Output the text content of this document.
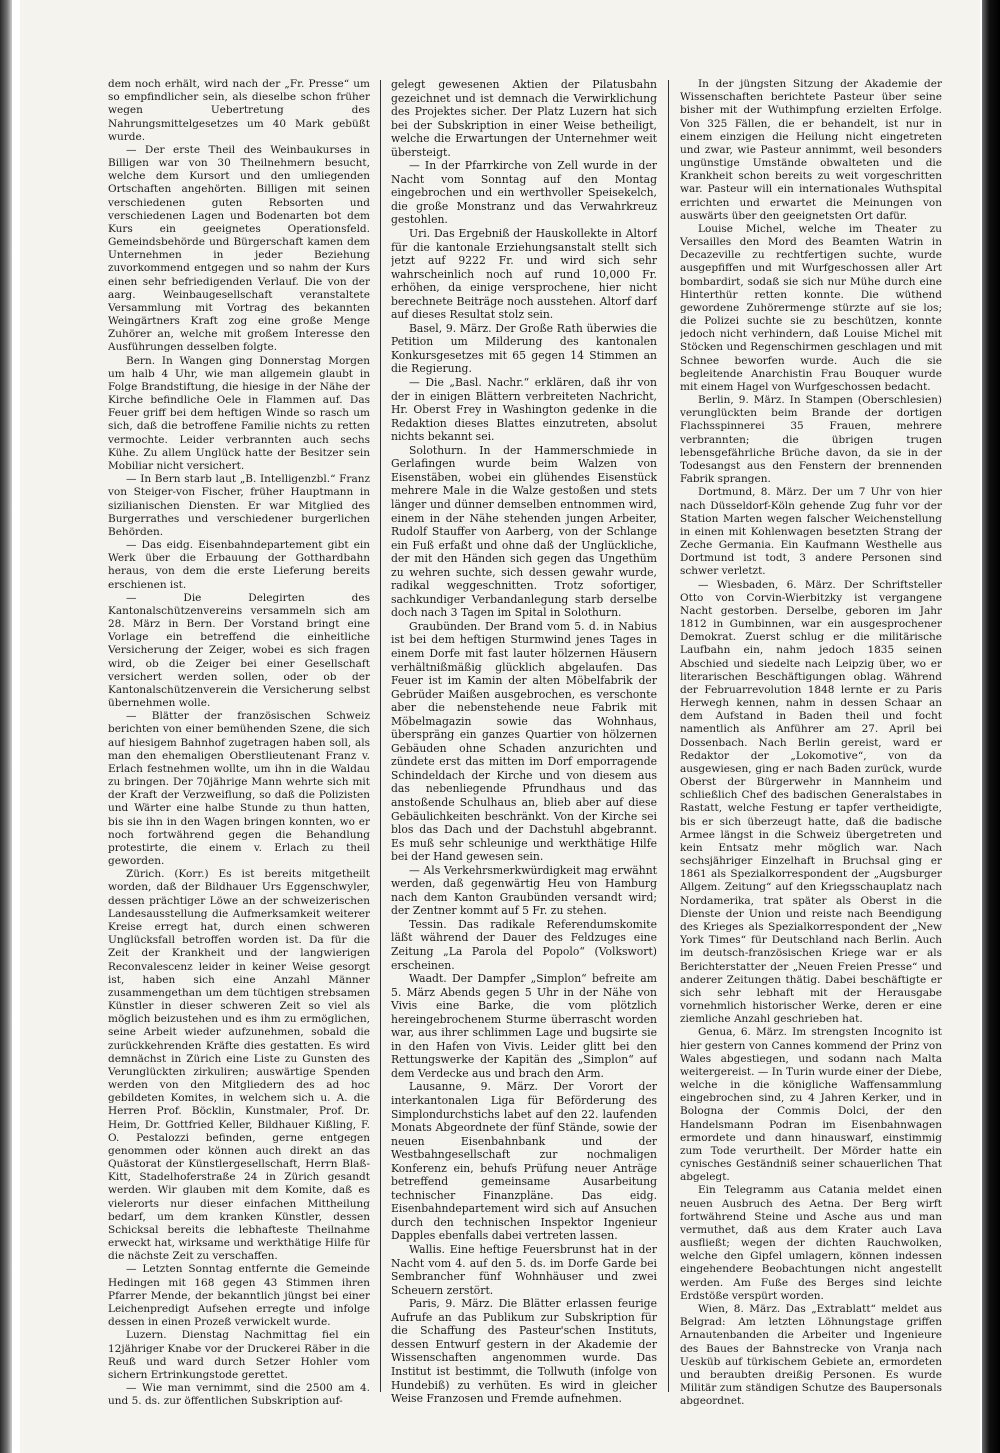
dem noch erhält, wird nach der „Fr. Presse“ um so empfindlicher sein, als dieselbe schon früher wegen Uebertretung des Nahrungsmittelgesetzes um 40 Mark gebüßt wurde.

— Der erste Theil des Weinbaukurses in Billigen war von 30 Theilnehmern besucht, welche dem Kursort und den umliegenden Ortschaften angehörten. Billigen mit seinen verschiedenen guten Rebsorten und verschiedenen Lagen und Bodenarten bot dem Kurs ein geeignetes Operationsfeld. Gemeindsbehörde und Bürgerschaft kamen dem Unternehmen in jeder Beziehung zuvorkommend entgegen und so nahm der Kurs einen sehr befriedigenden Verlauf. Die von der aarg. Weinbaugesellschaft veranstaltete Versammlung mit Vortrag des bekannten Weingärtners Kraft zog eine große Menge Zuhörer an, welche mit großem Interesse den Ausführungen desselben folgte.

Bern. In Wangen ging Donnerstag Morgen um halb 4 Uhr, wie man allgemein glaubt in Folge Brandstiftung, die hiesige in der Nähe der Kirche befindliche Oele in Flammen auf. Das Feuer griff bei dem heftigen Winde so rasch um sich, daß die betroffene Familie nichts zu retten vermochte. Leider verbrannten auch sechs Kühe. Zu allem Unglück hatte der Besitzer sein Mobiliar nicht versichert.

— In Bern starb laut „B. Intelligenzbl.“ Franz von Steiger-von Fischer, früher Hauptmann in sizilianischen Diensten. Er war Mitglied des Burgerrathes und verschiedener burgerlichen Behörden.

— Das eidg. Eisenbahndepartement gibt ein Werk über die Erbauung der Gotthardbahn heraus, von dem die erste Lieferung bereits erschienen ist.

— Die Delegirten des Kantonalschützenvereins versammeln sich am 28. März in Bern. Der Vorstand bringt eine Vorlage ein betreffend die einheitliche Versicherung der Zeiger, wobei es sich fragen wird, ob die Zeiger bei einer Gesellschaft versichert werden sollen, oder ob der Kantonalschützenverein die Versicherung selbst übernehmen wolle.

— Blätter der französischen Schweiz berichten von einer bemühenden Szene, die sich auf hiesigem Bahnhof zugetragen haben soll, als man den ehemaligen Oberstlieutenant Franz v. Erlach festnehmen wollte, um ihn in die Waldau zu bringen. Der 70jährige Mann wehrte sich mit der Kraft der Verzweiflung, so daß die Polizisten und Wärter eine halbe Stunde zu thun hatten, bis sie ihn in den Wagen bringen konnten, wo er noch fortwährend gegen die Behandlung protestirte, die einem v. Erlach zu theil geworden.

Zürich. (Korr.) Es ist bereits mitgetheilt worden, daß der Bildhauer Urs Eggenschwyler, dessen prächtiger Löwe an der schweizerischen Landesausstellung die Aufmerksamkeit weiterer Kreise erregt hat, durch einen schweren Unglücksfall betroffen worden ist. Da für die Zeit der Krankheit und der langwierigen Reconvalescenz leider in keiner Weise gesorgt ist, haben sich eine Anzahl Männer zusammengethan um dem tüchtigen strebsamen Künstler in dieser schweren Zeit so viel als möglich beizustehen und es ihm zu ermöglichen, seine Arbeit wieder aufzunehmen, sobald die zurückkehrenden Kräfte dies gestatten. Es wird demnächst in Zürich eine Liste zu Gunsten des Verunglückten zirkuliren; auswärtige Spenden werden von den Mitgliedern des ad hoc gebildeten Komites, in welchem sich u. A. die Herren Prof. Böcklin, Kunstmaler, Prof. Dr. Heim, Dr. Gottfried Keller, Bildhauer Kißling, F. O. Pestalozzi befinden, gerne entgegen genommen oder können auch direkt an das Quästorat der Künstlergesellschaft, Herrn Blaß-Kitt, Stadelhoferstraße 24 in Zürich gesandt werden. Wir glauben mit dem Komite, daß es vielerorts nur dieser einfachen Mittheilung bedarf, um dem kranken Künstler, dessen Schicksal bereits die lebhafteste Theilnahme erweckt hat, wirksame und werkthätige Hilfe für die nächste Zeit zu verschaffen.

— Letzten Sonntag entfernte die Gemeinde Hedingen mit 168 gegen 43 Stimmen ihren Pfarrer Mende, der bekanntlich jüngst bei einer Leichenpredigt Aufsehen erregte und infolge dessen in einen Prozeß verwickelt wurde.

Luzern. Dienstag Nachmittag fiel ein 12jähriger Knabe vor der Druckerei Räber in die Reuß und ward durch Setzer Hohler vom sichern Ertrinkungstode gerettet.

— Wie man vernimmt, sind die 2500 am 4. und 5. ds. zur öffentlichen Subskription auf-

gelegt gewesenen Aktien der Pilatusbahn gezeichnet und ist demnach die Verwirklichung des Projektes sicher. Der Platz Luzern hat sich bei der Subskription in einer Weise betheiligt, welche die Erwartungen der Unternehmer weit übersteigt.

— In der Pfarrkirche von Zell wurde in der Nacht vom Sonntag auf den Montag eingebrochen und ein werthvoller Speisekelch, die große Monstranz und das Verwahrkreuz gestohlen.

Uri. Das Ergebniß der Hauskollekte in Altorf für die kantonale Erziehungsanstalt stellt sich jetzt auf 9222 Fr. und wird sich sehr wahrscheinlich noch auf rund 10,000 Fr. erhöhen, da einige versprochene, hier nicht berechnete Beiträge noch ausstehen. Altorf darf auf dieses Resultat stolz sein.

Basel, 9. März. Der Große Rath überwies die Petition um Milderung des kantonalen Konkursgesetzes mit 65 gegen 14 Stimmen an die Regierung.

— Die „Basl. Nachr.“ erklären, daß ihr von der in einigen Blättern verbreiteten Nachricht, Hr. Oberst Frey in Washington gedenke in die Redaktion dieses Blattes einzutreten, absolut nichts bekannt sei.

Solothurn. In der Hammerschmiede in Gerlafingen wurde beim Walzen von Eisenstäben, wobei ein glühendes Eisenstück mehrere Male in die Walze gestoßen und stets länger und dünner demselben entnommen wird, einem in der Nähe stehenden jungen Arbeiter, Rudolf Stauffer von Aarberg, von der Schlange ein Fuß erfaßt und ohne daß der Unglückliche, der mit den Händen sich gegen das Ungethüm zu wehren suchte, sich dessen gewahr wurde, radikal weggeschnitten. Trotz sofortiger, sachkundiger Verbandanlegung starb derselbe doch nach 3 Tagen im Spital in Solothurn.

Graubünden. Der Brand vom 5. d. in Nabius ist bei dem heftigen Sturmwind jenes Tages in einem Dorfe mit fast lauter hölzernen Häusern verhältnißmäßig glücklich abgelaufen. Das Feuer ist im Kamin der alten Möbelfabrik der Gebrüder Maißen ausgebrochen, es verschonte aber die nebenstehende neue Fabrik mit Möbelmagazin sowie das Wohnhaus, überspräng ein ganzes Quartier von hölzernen Gebäuden ohne Schaden anzurichten und zündete erst das mitten im Dorf emporragende Schindeldach der Kirche und von diesem aus das nebenliegende Pfrundhaus und das anstoßende Schulhaus an, blieb aber auf diese Gebäulichkeiten beschränkt. Von der Kirche sei blos das Dach und der Dachstuhl abgebrannt. Es muß sehr schleunige und werkthätige Hilfe bei der Hand gewesen sein.

— Als Verkehrsmerkwürdigkeit mag erwähnt werden, daß gegenwärtig Heu von Hamburg nach dem Kanton Graubünden versandt wird; der Zentner kommt auf 5 Fr. zu stehen.

Tessin. Das radikale Referendumskomite läßt während der Dauer des Feldzuges eine Zeitung „La Parola del Popolo“ (Volkswort) erscheinen.

Waadt. Der Dampfer „Simplon“ befreite am 5. März Abends gegen 5 Uhr in der Nähe von Vivis eine Barke, die vom plötzlich hereingebrochenem Sturme überrascht worden war, aus ihrer schlimmen Lage und bugsirte sie in den Hafen von Vivis. Leider glitt bei den Rettungswerke der Kapitän des „Simplon“ auf dem Verdecke aus und brach den Arm.

Lausanne, 9. März. Der Vorort der interkantonalen Liga für Beförderung des Simplondurchstichs labet auf den 22. laufenden Monats Abgeordnete der fünf Stände, sowie der neuen Eisenbahnbank und der Westbahngesellschaft zur nochmaligen Konferenz ein, behufs Prüfung neuer Anträge betreffend gemeinsame Ausarbeitung technischer Finanzpläne. Das eidg. Eisenbahndepartement wird sich auf Ansuchen durch den technischen Inspektor Ingenieur Dapples ebenfalls dabei vertreten lassen.

Wallis. Eine heftige Feuersbrunst hat in der Nacht vom 4. auf den 5. ds. im Dorfe Garde bei Sembrancher fünf Wohnhäuser und zwei Scheuern zerstört.

Paris, 9. März. Die Blätter erlassen feurige Aufrufe an das Publikum zur Subskription für die Schaffung des Pasteur'schen Instituts, dessen Entwurf gestern in der Akademie der Wissenschaften angenommen wurde. Das Institut ist bestimmt, die Tollwuth (infolge von Hundebiß) zu verhüten. Es wird in gleicher Weise Franzosen und Fremde aufnehmen.

In der jüngsten Sitzung der Akademie der Wissenschaften berichtete Pasteur über seine bisher mit der Wuthimpfung erzielten Erfolge. Von 325 Fällen, die er behandelt, ist nur in einem einzigen die Heilung nicht eingetreten und zwar, wie Pasteur annimmt, weil besonders ungünstige Umstände obwalteten und die Krankheit schon bereits zu weit vorgeschritten war. Pasteur will ein internationales Wuthspital errichten und erwartet die Meinungen von auswärts über den geeignetsten Ort dafür.

Louise Michel, welche im Theater zu Versailles den Mord des Beamten Watrin in Decazeville zu rechtfertigen suchte, wurde ausgepfiffen und mit Wurfgeschossen aller Art bombardirt, sodaß sie sich nur Mühe durch eine Hinterthür retten konnte. Die wüthend gewordene Zuhörermenge stürzte auf sie los; die Polizei suchte sie zu beschützen, konnte jedoch nicht verhindern, daß Louise Michel mit Stöcken und Regenschirmen geschlagen und mit Schnee beworfen wurde. Auch die sie begleitende Anarchistin Frau Bouquer wurde mit einem Hagel von Wurfgeschossen bedacht.

Berlin, 9. März. In Stampen (Oberschlesien) verunglückten beim Brande der dortigen Flachsspinnerei 35 Frauen, mehrere verbrannten; die übrigen trugen lebensgefährliche Brüche davon, da sie in der Todesangst aus den Fenstern der brennenden Fabrik sprangen.

Dortmund, 8. März. Der um 7 Uhr von hier nach Düsseldorf-Köln gehende Zug fuhr vor der Station Marten wegen falscher Weichenstellung in einen mit Kohlenwagen besetzten Strang der Zeche Germania. Ein Kaufmann Westhelle aus Dortmund ist todt, 3 andere Personen sind schwer verletzt.

— Wiesbaden, 6. März. Der Schriftsteller Otto von Corvin-Wierbitzky ist vergangene Nacht gestorben. Derselbe, geboren im Jahr 1812 in Gumbinnen, war ein ausgesprochener Demokrat. Zuerst schlug er die militärische Laufbahn ein, nahm jedoch 1835 seinen Abschied und siedelte nach Leipzig über, wo er literarischen Beschäftigungen oblag. Während der Februarrevolution 1848 lernte er zu Paris Herwegh kennen, nahm in dessen Schaar an dem Aufstand in Baden theil und focht namentlich als Anführer am 27. April bei Dossenbach. Nach Berlin gereist, ward er Redaktor der „Lokomotive“, von da ausgewiesen, ging er nach Baden zurück, wurde Oberst der Bürgerwehr in Mannheim und schließlich Chef des badischen Generalstabes in Rastatt, welche Festung er tapfer vertheidigte, bis er sich überzeugt hatte, daß die badische Armee längst in die Schweiz übergetreten und kein Entsatz mehr möglich war. Nach sechsjähriger Einzelhaft in Bruchsal ging er 1861 als Spezialkorrespondent der „Augsburger Allgem. Zeitung“ auf den Kriegsschauplatz nach Nordamerika, trat später als Oberst in die Dienste der Union und reiste nach Beendigung des Krieges als Spezialkorrespondent der „New York Times“ für Deutschland nach Berlin. Auch im deutsch-französischen Kriege war er als Berichterstatter der „Neuen Freien Presse“ und anderer Zeitungen thätig. Dabei beschäftigte er sich sehr lebhaft mit der Herausgabe vornehmlich historischer Werke, deren er eine ziemliche Anzahl geschrieben hat.

Genua, 6. März. Im strengsten Incognito ist hier gestern von Cannes kommend der Prinz von Wales abgestiegen, und sodann nach Malta weitergereist. — In Turin wurde einer der Diebe, welche in die königliche Waffensammlung eingebrochen sind, zu 4 Jahren Kerker, und in Bologna der Commis Dolci, der den Handelsmann Podran im Eisenbahnwagen ermordete und dann hinauswarf, einstimmig zum Tode verurtheilt. Der Mörder hatte ein cynisches Geständniß seiner schauerlichen That abgelegt.

Ein Telegramm aus Catania meldet einen neuen Ausbruch des Aetna. Der Berg wirft fortwährend Steine und Asche aus und man vermuthet, daß aus dem Krater auch Lava ausfließt; wegen der dichten Rauchwolken, welche den Gipfel umlagern, können indessen eingehendere Beobachtungen nicht angestellt werden. Am Fuße des Berges sind leichte Erdstöße verspürt worden.

Wien, 8. März. Das „Extrablatt“ meldet aus Belgrad: Am letzten Löhnungstage griffen Arnautenbanden die Arbeiter und Ingenieure des Baues der Bahnstrecke von Vranja nach Uesküb auf türkischem Gebiete an, ermordeten und beraubten dreißig Personen. Es wurde Militär zum ständigen Schutze des Baupersonals abgeordnet.
